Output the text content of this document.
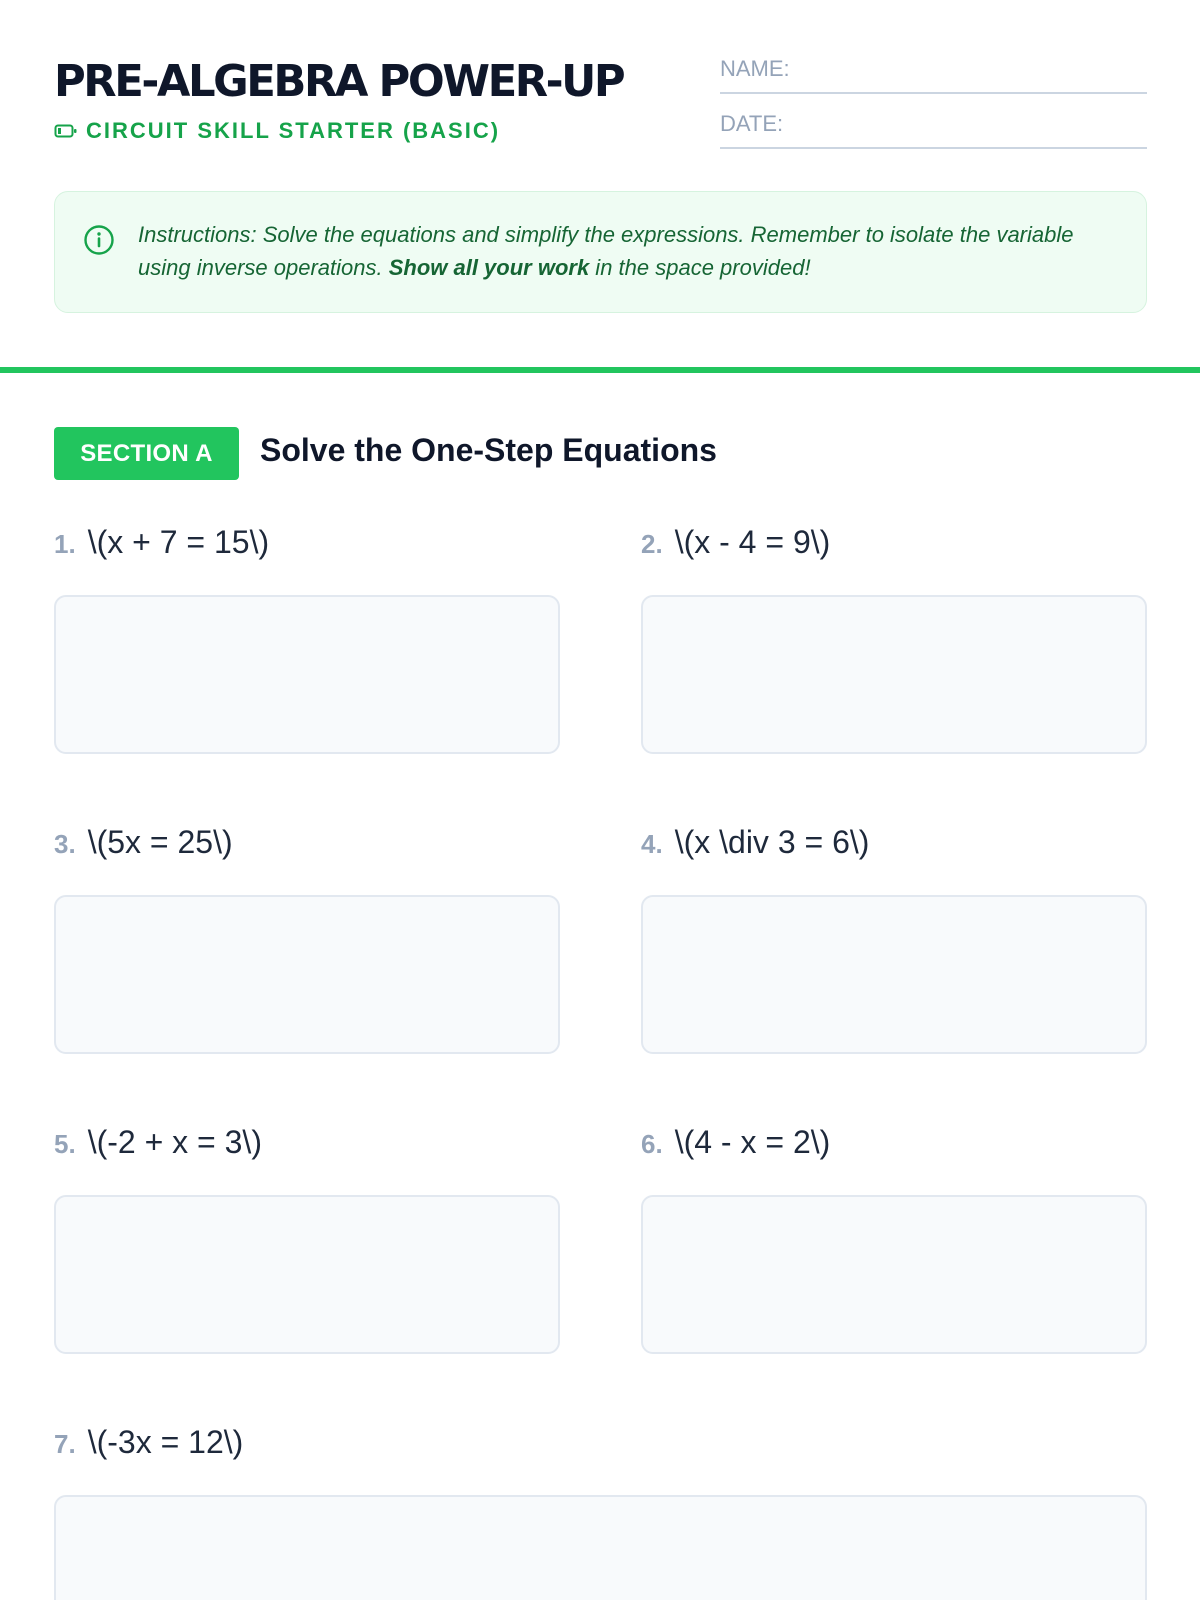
PRE-ALGEBRA POWER-UP
CIRCUIT SKILL STARTER (BASIC)
NAME:
DATE:
Instructions: Solve the equations and simplify the expressions. Remember to isolate the variable using inverse operations. Show all your work in the space provided!
SECTION A	Solve the One-Step Equations
1. \(x + 7 = 15\)	2. \(x - 4 = 9\)
3. \(5x = 25\)	4. \(x \div 3 = 6\)
5. \(-2 + x = 3\)	6. \(4 - x = 2\)
7. \(-3x = 12\)
